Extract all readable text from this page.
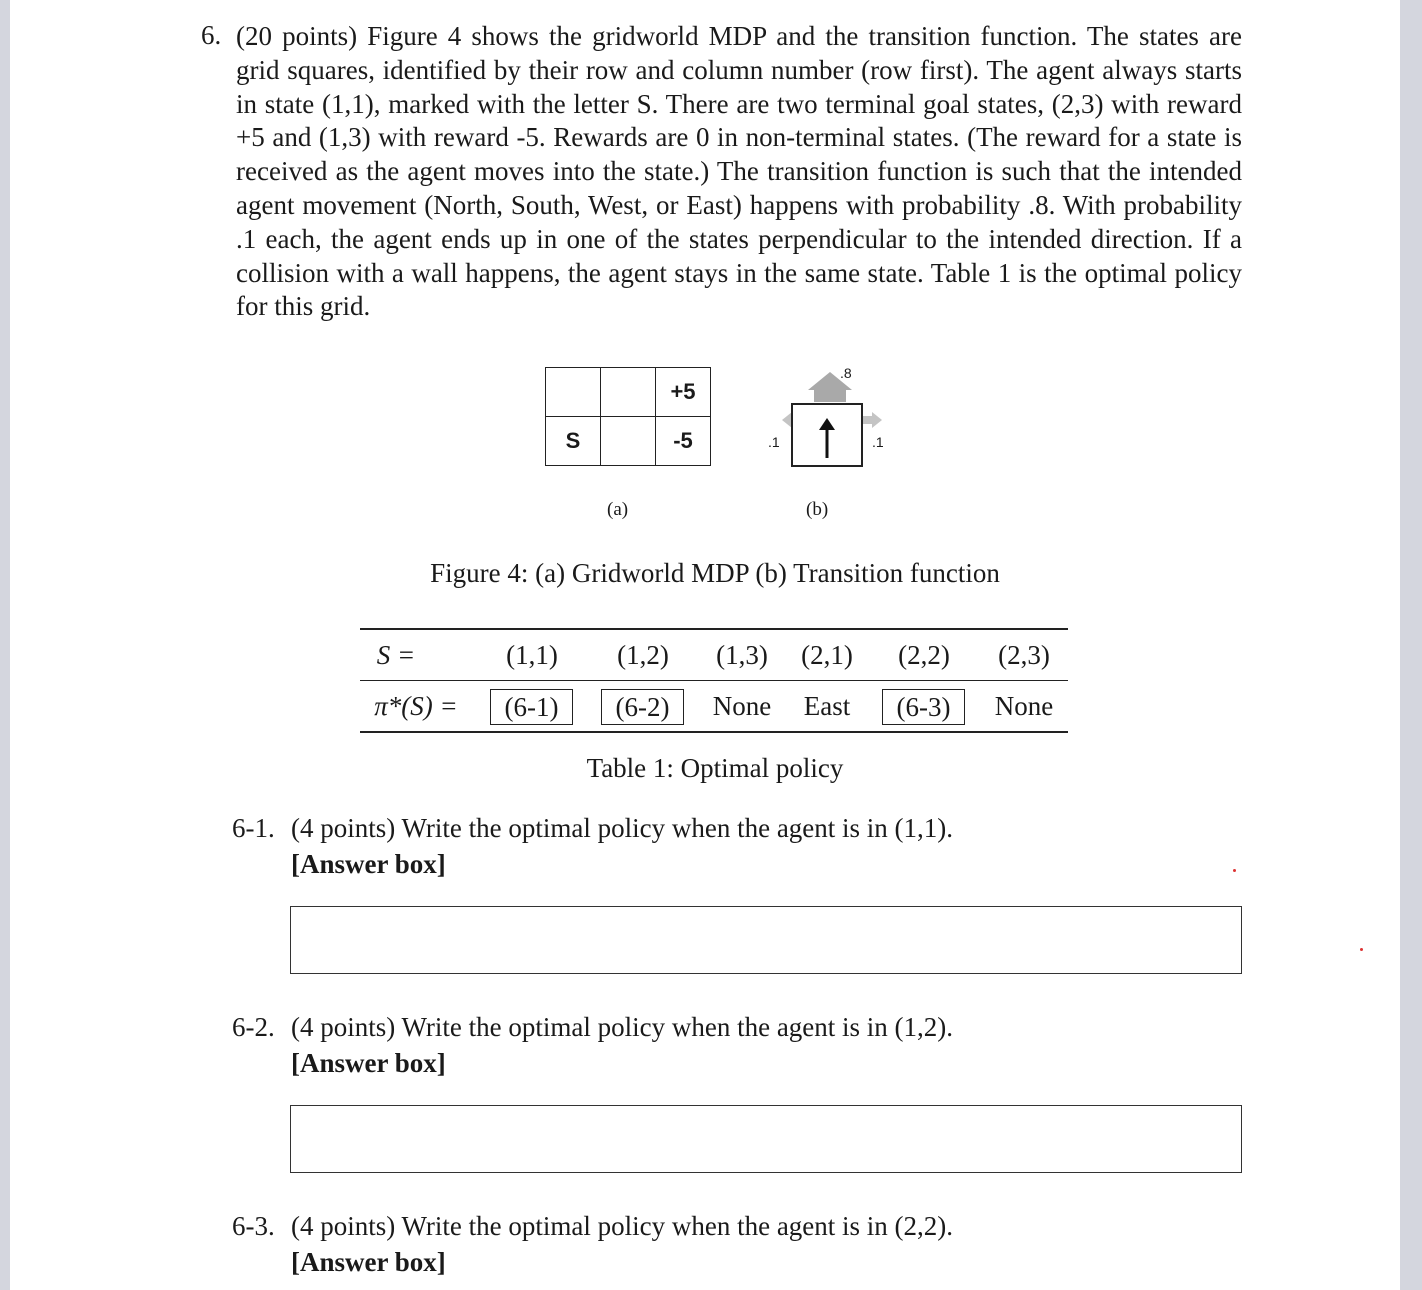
6. (20 points) Figure 4 shows the gridworld MDP and the transition function. The states are grid squares, identified by their row and column number (row first). The agent always starts in state (1,1), marked with the letter S. There are two terminal goal states, (2,3) with reward +5 and (1,3) with reward -5. Rewards are 0 in non-terminal states. (The reward for a state is received as the agent moves into the state.) The transition function is such that the intended agent movement (North, South, West, or East) happens with probability .8. With probability .1 each, the agent ends up in one of the states perpendicular to the intended direction. If a collision with a wall happens, the agent stays in the same state. Table 1 is the optimal policy for this grid.
		+5
S		-5
.8
.1	.1
(a)	(b)
Figure 4: (a) Gridworld MDP (b) Transition function
S =	(1,1)	(1,2)	(1,3)	(2,1)	(2,2)	(2,3)
π*(S) =	(6-1)	(6-2)	None	East	(6-3)	None
Table 1: Optimal policy
6-1. (4 points) Write the optimal policy when the agent is in (1,1).
[Answer box]
6-2. (4 points) Write the optimal policy when the agent is in (1,2).
[Answer box]
6-3. (4 points) Write the optimal policy when the agent is in (2,2).
[Answer box]
